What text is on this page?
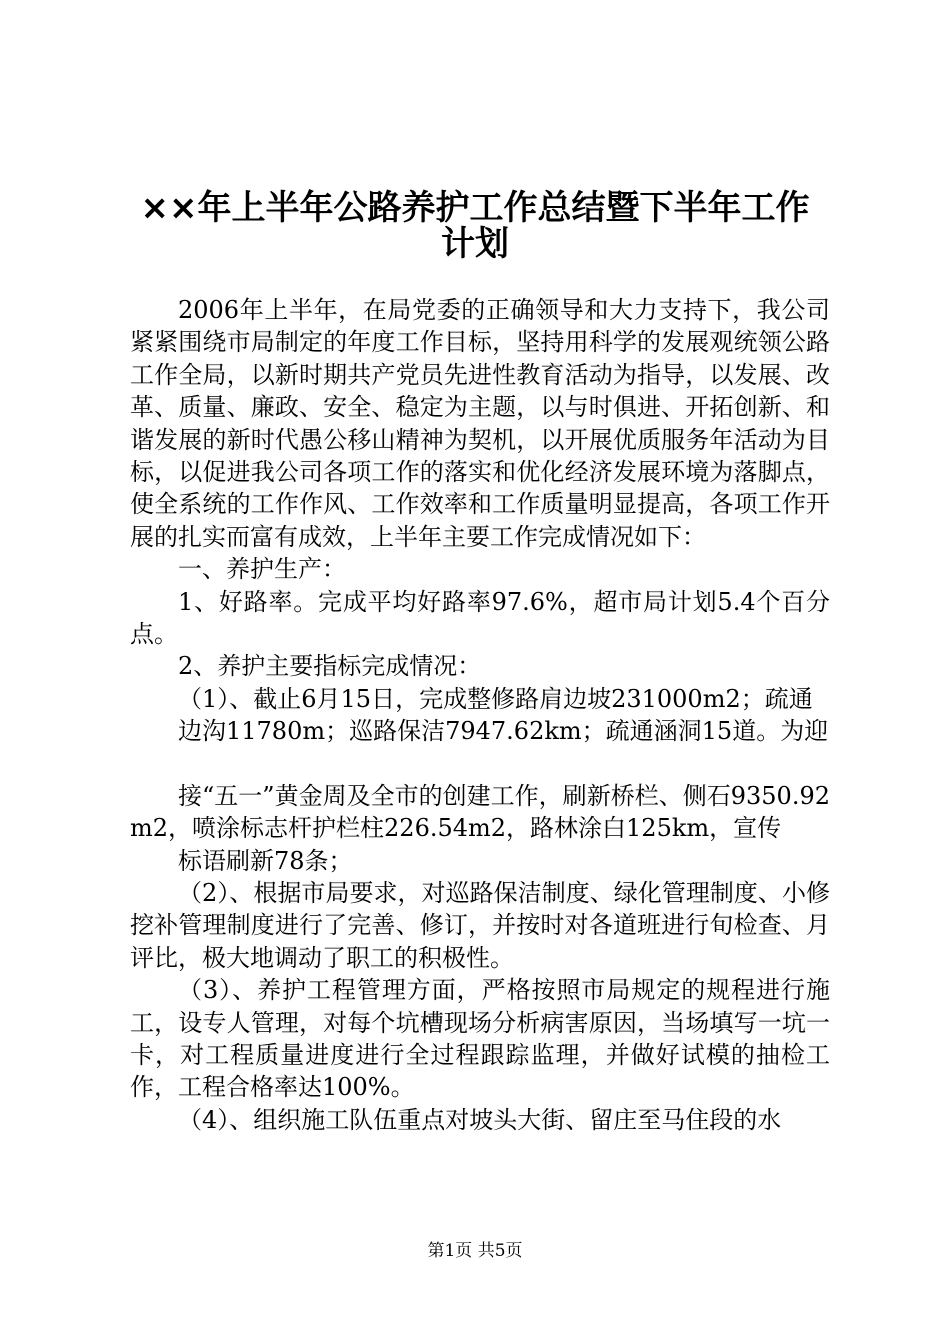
××年上半年公路养护工作总结暨下半年工作
计划

2006年上半年，在局党委的正确领导和大力支持下，我公司紧紧围绕市局制定的年度工作目标，坚持用科学的发展观统领公路工作全局，以新时期共产党员先进性教育活动为指导，以发展、改革、质量、廉政、安全、稳定为主题，以与时俱进、开拓创新、和谐发展的新时代愚公移山精神为契机，以开展优质服务年活动为目标，以促进我公司各项工作的落实和优化经济发展环境为落脚点，使全系统的工作作风、工作效率和工作质量明显提高，各项工作开展的扎实而富有成效，上半年主要工作完成情况如下：

一、养护生产：

1、好路率。完成平均好路率97.6%，超市局计划5.4个百分点。

2、养护主要指标完成情况：

（1）、截止6月15日，完成整修路肩边坡231000m2；疏通

边沟11780m；巡路保洁7947.62km；疏通涵洞15道。为迎

接“五一”黄金周及全市的创建工作，刷新桥栏、侧石9350.92m2，喷涂标志杆护栏柱226.54m2，路林涂白125km，宣传

标语刷新78条；

（2）、根据市局要求，对巡路保洁制度、绿化管理制度、小修挖补管理制度进行了完善、修订，并按时对各道班进行旬检查、月评比，极大地调动了职工的积极性。

（3）、养护工程管理方面，严格按照市局规定的规程进行施工，设专人管理，对每个坑槽现场分析病害原因，当场填写一坑一卡，对工程质量进度进行全过程跟踪监理，并做好试模的抽检工作，工程合格率达100%。

（4）、组织施工队伍重点对坡头大街、留庄至马住段的水

第1页 共5页
